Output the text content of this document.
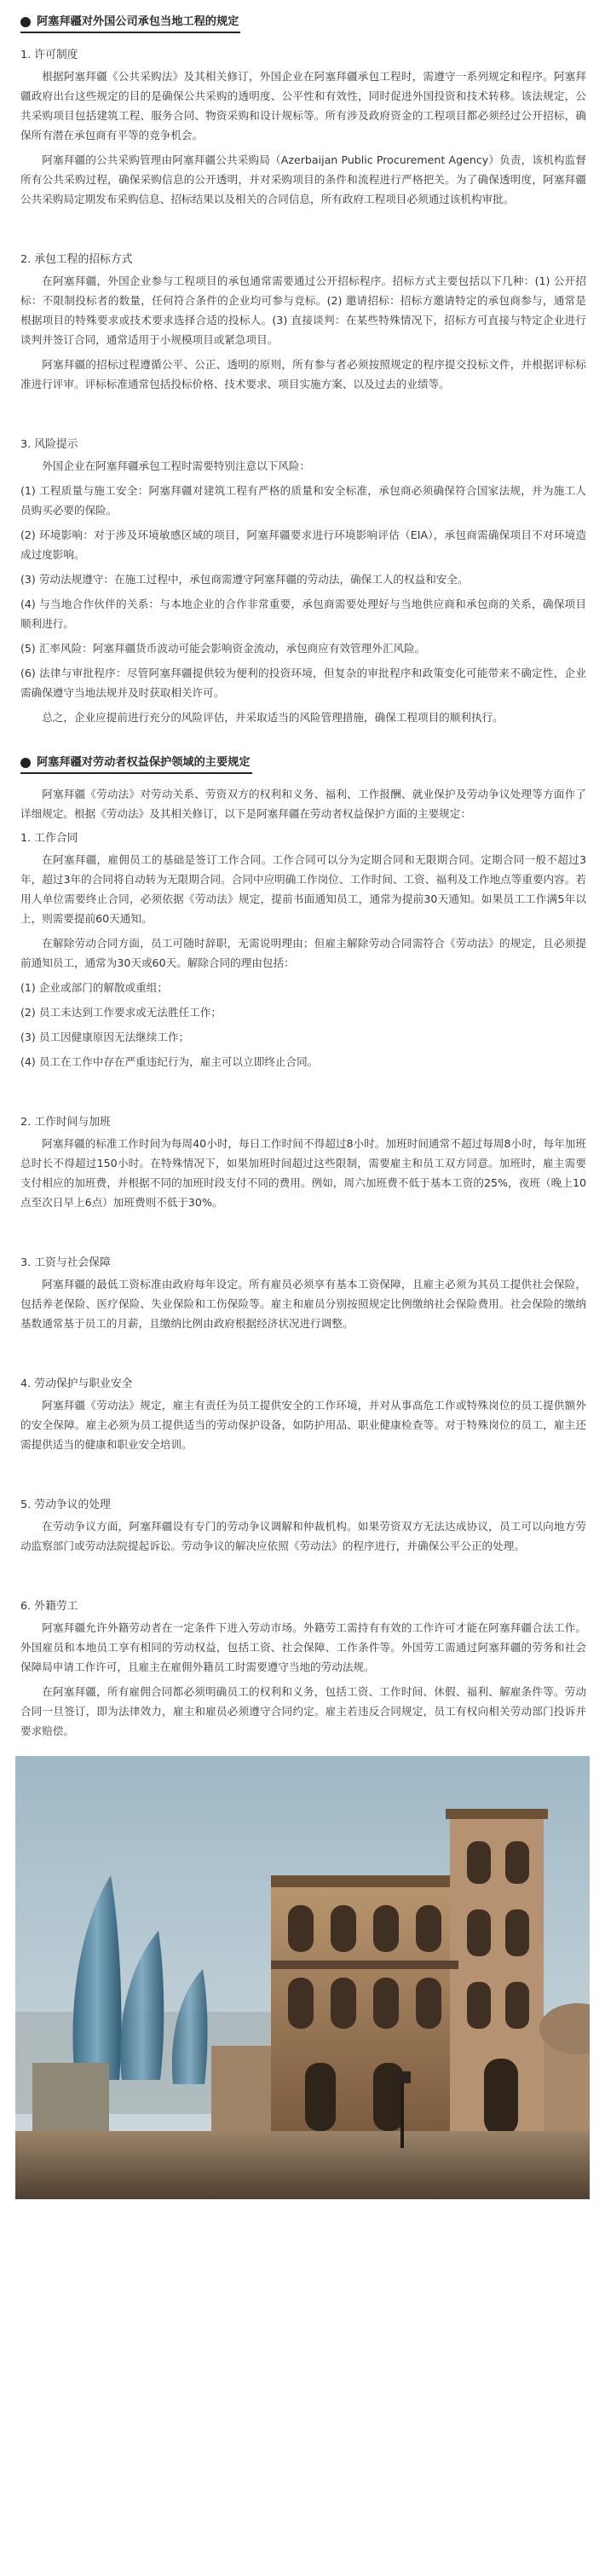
阿塞拜疆对外国公司承包当地工程的规定
1. 许可制度

根据阿塞拜疆《公共采购法》及其相关修订，外国企业在阿塞拜疆承包工程时，需遵守一系列规定和程序。阿塞拜疆政府出台这些规定的目的是确保公共采购的透明度、公平性和有效性，同时促进外国投资和技术转移。该法规定，公共采购项目包括建筑工程、服务合同、物资采购和设计规标等。所有涉及政府资金的工程项目都必须经过公开招标，确保所有潜在承包商有平等的竞争机会。

阿塞拜疆的公共采购管理由阿塞拜疆公共采购局（Azerbaijan Public Procurement Agency）负责，该机构监督所有公共采购过程，确保采购信息的公开透明，并对采购项目的条件和流程进行严格把关。为了确保透明度，阿塞拜疆公共采购局定期发布采购信息、招标结果以及相关的合同信息，所有政府工程项目必须通过该机构审批。

2. 承包工程的招标方式

在阿塞拜疆，外国企业参与工程项目的承包通常需要通过公开招标程序。招标方式主要包括以下几种：(1) 公开招标：不限制投标者的数量，任何符合条件的企业均可参与竞标。(2) 邀请招标：招标方邀请特定的承包商参与，通常是根据项目的特殊要求或技术要求选择合适的投标人。(3) 直接谈判：在某些特殊情况下，招标方可直接与特定企业进行谈判并签订合同，通常适用于小规模项目或紧急项目。

阿塞拜疆的招标过程遵循公平、公正、透明的原则，所有参与者必须按照规定的程序提交投标文件，并根据评标标准进行评审。评标标准通常包括投标价格、技术要求、项目实施方案、以及过去的业绩等。

3. 风险提示

外国企业在阿塞拜疆承包工程时需要特别注意以下风险：

(1) 工程质量与施工安全：阿塞拜疆对建筑工程有严格的质量和安全标准，承包商必须确保符合国家法规，并为施工人员购买必要的保险。

(2) 环境影响：对于涉及环境敏感区域的项目，阿塞拜疆要求进行环境影响评估（EIA），承包商需确保项目不对环境造成过度影响。

(3) 劳动法规遵守：在施工过程中，承包商需遵守阿塞拜疆的劳动法，确保工人的权益和安全。

(4) 与当地合作伙伴的关系：与本地企业的合作非常重要，承包商需要处理好与当地供应商和承包商的关系，确保项目顺利进行。

(5) 汇率风险：阿塞拜疆货币波动可能会影响资金流动，承包商应有效管理外汇风险。

(6) 法律与审批程序：尽管阿塞拜疆提供较为便利的投资环境，但复杂的审批程序和政策变化可能带来不确定性，企业需确保遵守当地法规并及时获取相关许可。

总之，企业应提前进行充分的风险评估，并采取适当的风险管理措施，确保工程项目的顺利执行。

阿塞拜疆对劳动者权益保护领域的主要规定

阿塞拜疆《劳动法》对劳动关系、劳资双方的权利和义务、福利、工作报酬、就业保护及劳动争议处理等方面作了详细规定。根据《劳动法》及其相关修订，以下是阿塞拜疆在劳动者权益保护方面的主要规定：

1. 工作合同

在阿塞拜疆，雇佣员工的基础是签订工作合同。工作合同可以分为定期合同和无限期合同。定期合同一般不超过3年，超过3年的合同将自动转为无限期合同。合同中应明确工作岗位、工作时间、工资、福利及工作地点等重要内容。若用人单位需要终止合同，必须依据《劳动法》规定，提前书面通知员工，通常为提前30天通知。如果员工工作满5年以上，则需要提前60天通知。

在解除劳动合同方面，员工可随时辞职，无需说明理由；但雇主解除劳动合同需符合《劳动法》的规定，且必须提前通知员工，通常为30天或60天。解除合同的理由包括：

(1) 企业或部门的解散或重组；

(2) 员工未达到工作要求或无法胜任工作；

(3) 员工因健康原因无法继续工作；

(4) 员工在工作中存在严重违纪行为，雇主可以立即终止合同。

2. 工作时间与加班

阿塞拜疆的标准工作时间为每周40小时，每日工作时间不得超过8小时。加班时间通常不超过每周8小时，每年加班总时长不得超过150小时。在特殊情况下，如果加班时间超过这些限制，需要雇主和员工双方同意。加班时，雇主需要支付相应的加班费，并根据不同的加班时段支付不同的费用。例如，周六加班费不低于基本工资的25%，夜班（晚上10点至次日早上6点）加班费则不低于30%。

3. 工资与社会保障

阿塞拜疆的最低工资标准由政府每年设定。所有雇员必须享有基本工资保障，且雇主必须为其员工提供社会保险，包括养老保险、医疗保险、失业保险和工伤保险等。雇主和雇员分别按照规定比例缴纳社会保险费用。社会保险的缴纳基数通常基于员工的月薪，且缴纳比例由政府根据经济状况进行调整。

4. 劳动保护与职业安全

阿塞拜疆《劳动法》规定，雇主有责任为员工提供安全的工作环境，并对从事高危工作或特殊岗位的员工提供额外的安全保障。雇主必须为员工提供适当的劳动保护设备，如防护用品、职业健康检查等。对于特殊岗位的员工，雇主还需提供适当的健康和职业安全培训。

5. 劳动争议的处理

在劳动争议方面，阿塞拜疆设有专门的劳动争议调解和仲裁机构。如果劳资双方无法达成协议，员工可以向地方劳动监察部门或劳动法院提起诉讼。劳动争议的解决应依照《劳动法》的程序进行，并确保公平公正的处理。

6. 外籍劳工

阿塞拜疆允许外籍劳动者在一定条件下进入劳动市场。外籍劳工需持有有效的工作许可才能在阿塞拜疆合法工作。外国雇员和本地员工享有相同的劳动权益，包括工资、社会保障、工作条件等。外国劳工需通过阿塞拜疆的劳务和社会保障局申请工作许可，且雇主在雇佣外籍员工时需要遵守当地的劳动法规。

在阿塞拜疆，所有雇佣合同都必须明确员工的权利和义务，包括工资、工作时间、休假、福利、解雇条件等。劳动合同一旦签订，即为法律效力，雇主和雇员必须遵守合同约定。雇主若违反合同规定，员工有权向相关劳动部门投诉并要求赔偿。
